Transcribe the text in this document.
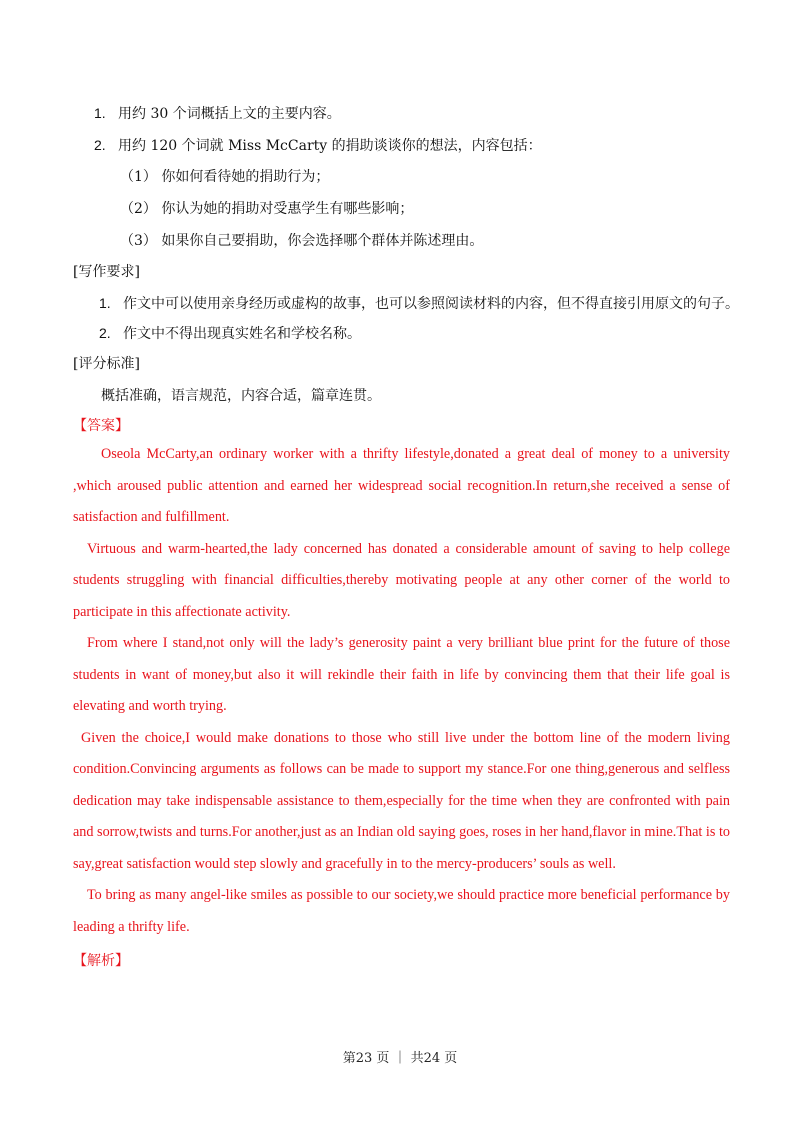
1. 用约 30 个词概括上文的主要内容。
2. 用约 120 个词就 Miss McCarty 的捐助谈谈你的想法，内容包括：
（1） 你如何看待她的捐助行为；
（2） 你认为她的捐助对受惠学生有哪些影响；
（3） 如果你自己要捐助，你会选择哪个群体并陈述理由。
[写作要求]
1. 作文中可以使用亲身经历或虚构的故事，也可以参照阅读材料的内容，但不得直接引用原文的句子。
2. 作文中不得出现真实姓名和学校名称。
[评分标准]
概括准确，语言规范，内容合适，篇章连贯。
【答案】

Oseola McCarty,an ordinary worker with a thrifty lifestyle,donated a great deal of money to a university ,which aroused public attention and earned her widespread social recognition.In return,she received a sense of satisfaction and fulfillment.

Virtuous and warm-hearted,the lady concerned has donated a considerable amount of saving to help college students struggling with financial difficulties,thereby motivating people at any other corner of the world to participate in this affectionate activity.

From where I stand,not only will the lady’s generosity paint a very brilliant blue print for the future of those students in want of money,but also it will rekindle their faith in life by convincing them that their life goal is elevating and worth trying.

Given the choice,I would make donations to those who still live under the bottom line of the modern living condition.Convincing arguments as follows can be made to support my stance.For one thing,generous and selfless dedication may take indispensable assistance to them,especially for the time when they are confronted with pain and sorrow,twists and turns.For another,just as an Indian old saying goes, roses in her hand,flavor in mine.That is to say,great satisfaction would step slowly and gracefully in to the mercy-producers’ souls as well.

To bring as many angel-like smiles as possible to our society,we should practice more beneficial performance by leading a thrifty life.

【解析】
第23 页 ｜ 共24 页
